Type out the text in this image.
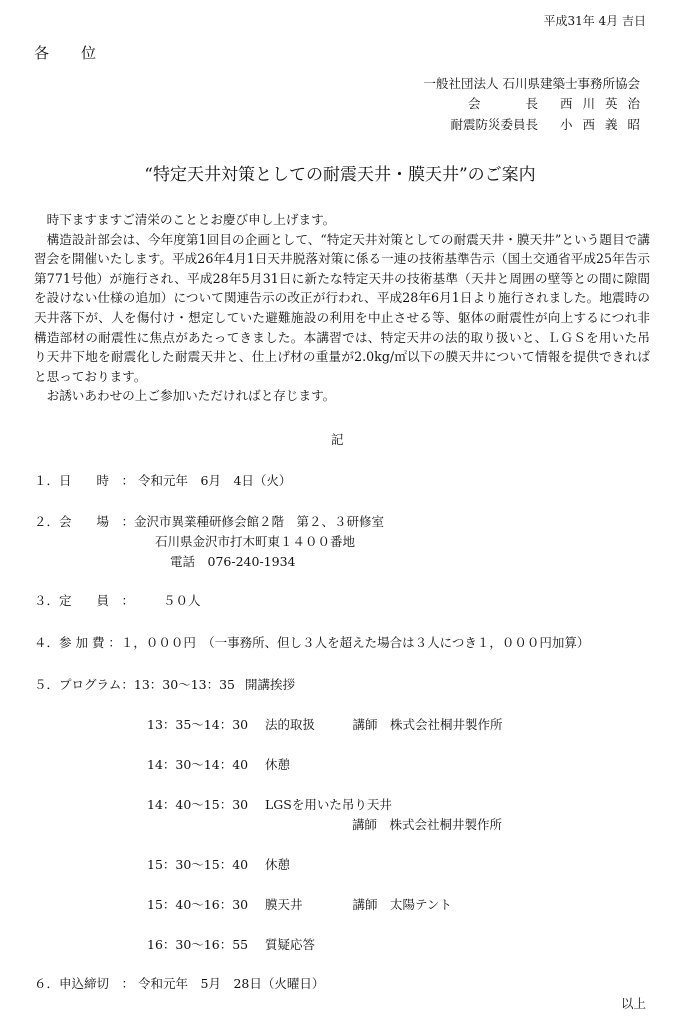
平成31年 4月 吉日
各 位
一般社団法人 石川県建築士事務所協会
会	長 西川英治
耐震防災委員長 小西義昭
“特定天井対策としての耐震天井・膜天井”のご案内

時下ますますご清栄のこととお慶び申し上げます。

構造設計部会は、今年度第1回目の企画として、“特定天井対策としての耐震天井・膜天井”という題目で講習会を開催いたします。平成26年4月1日天井脱落対策に係る一連の技術基準告示（国土交通省平成25年告示第771号他）が施行され、平成28年5月31日に新たな特定天井の技術基準（天井と周囲の壁等との間に隙間を設けない仕様の追加）について関連告示の改正が行われ、平成28年6月1日より施行されました。地震時の天井落下が、人を傷付け・想定していた避難施設の利用を中止させる等、躯体の耐震性が向上するにつれ非構造部材の耐震性に焦点があたってきました。本講習では、特定天井の法的取り扱いと、ＬＧＳを用いた吊り天井下地を耐震化した耐震天井と、仕上げ材の重量が2.0kg/㎡以下の膜天井について情報を提供できればと思っております。

お誘いあわせの上ご参加いただければと存じます。

記
１．日　　時　： 令和元年　6月　4日（火）
２．会　　場　：金沢市異業種研修会館２階　第２、３研修室
石川県金沢市打木町東１４００番地
電話　076-240-1934
３．定　　員　： 　　５０人
４．参 加 費 ：１，０００円　（一事務所、但し３人を超えた場合は３人につき１，０００円加算）
５．プログラム：13：30～13：35 開講挨拶
13：35～14：30 法的取扱　　　講師　株式会社桐井製作所
14：30～14：40 休憩
14：40～15：30 LGSを用いた吊り天井
講師　株式会社桐井製作所
15：30～15：40 休憩
15：40～16：30 膜天井　　　　講師　太陽テント
16：30～16：55 質疑応答
６．申込締切　： 令和元年　5月　28日（火曜日）
以上
